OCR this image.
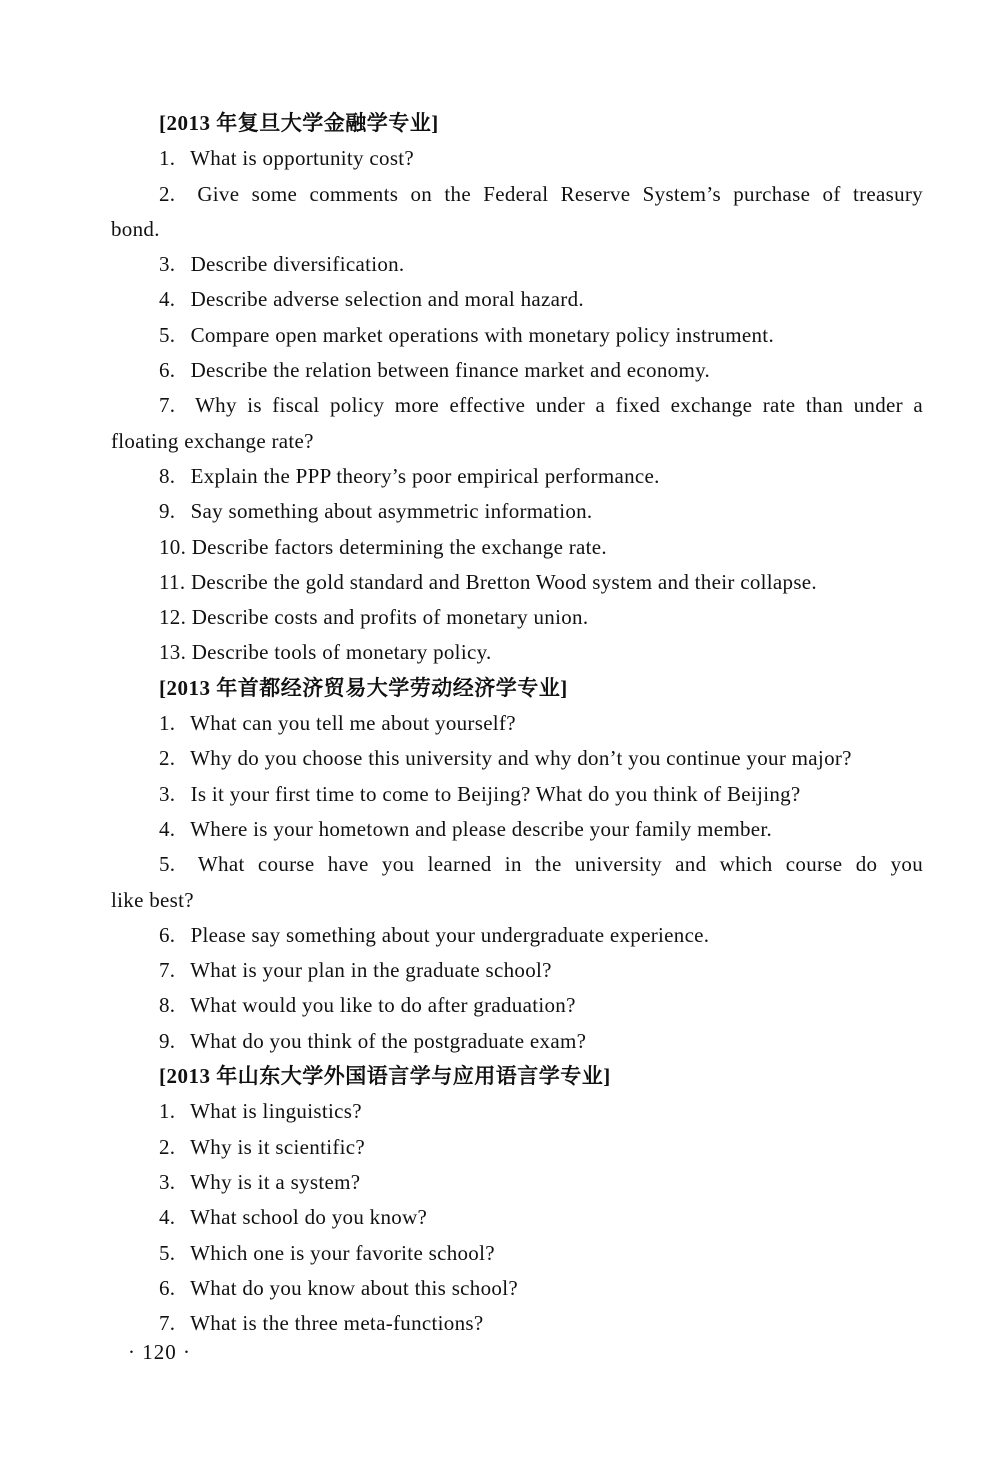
[2013 年复旦大学金融学专业]
1. What is opportunity cost?
2. Give some comments on the Federal Reserve System’s purchase of treasury
bond.
3. Describe diversification.
4. Describe adverse selection and moral hazard.
5. Compare open market operations with monetary policy instrument.
6. Describe the relation between finance market and economy.
7. Why is fiscal policy more effective under a fixed exchange rate than under a
floating exchange rate?
8. Explain the PPP theory’s poor empirical performance.
9. Say something about asymmetric information.
10. Describe factors determining the exchange rate.
11. Describe the gold standard and Bretton Wood system and their collapse.
12. Describe costs and profits of monetary union.
13. Describe tools of monetary policy.
[2013 年首都经济贸易大学劳动经济学专业]
1. What can you tell me about yourself?
2. Why do you choose this university and why don’t you continue your major?
3. Is it your first time to come to Beijing? What do you think of Beijing?
4. Where is your hometown and please describe your family member.
5. What course have you learned in the university and which course do you
like best?
6. Please say something about your undergraduate experience.
7. What is your plan in the graduate school?
8. What would you like to do after graduation?
9. What do you think of the postgraduate exam?
[2013 年山东大学外国语言学与应用语言学专业]
1. What is linguistics?
2. Why is it scientific?
3. Why is it a system?
4. What school do you know?
5. Which one is your favorite school?
6. What do you know about this school?
7. What is the three meta-functions?
· 120 ·
